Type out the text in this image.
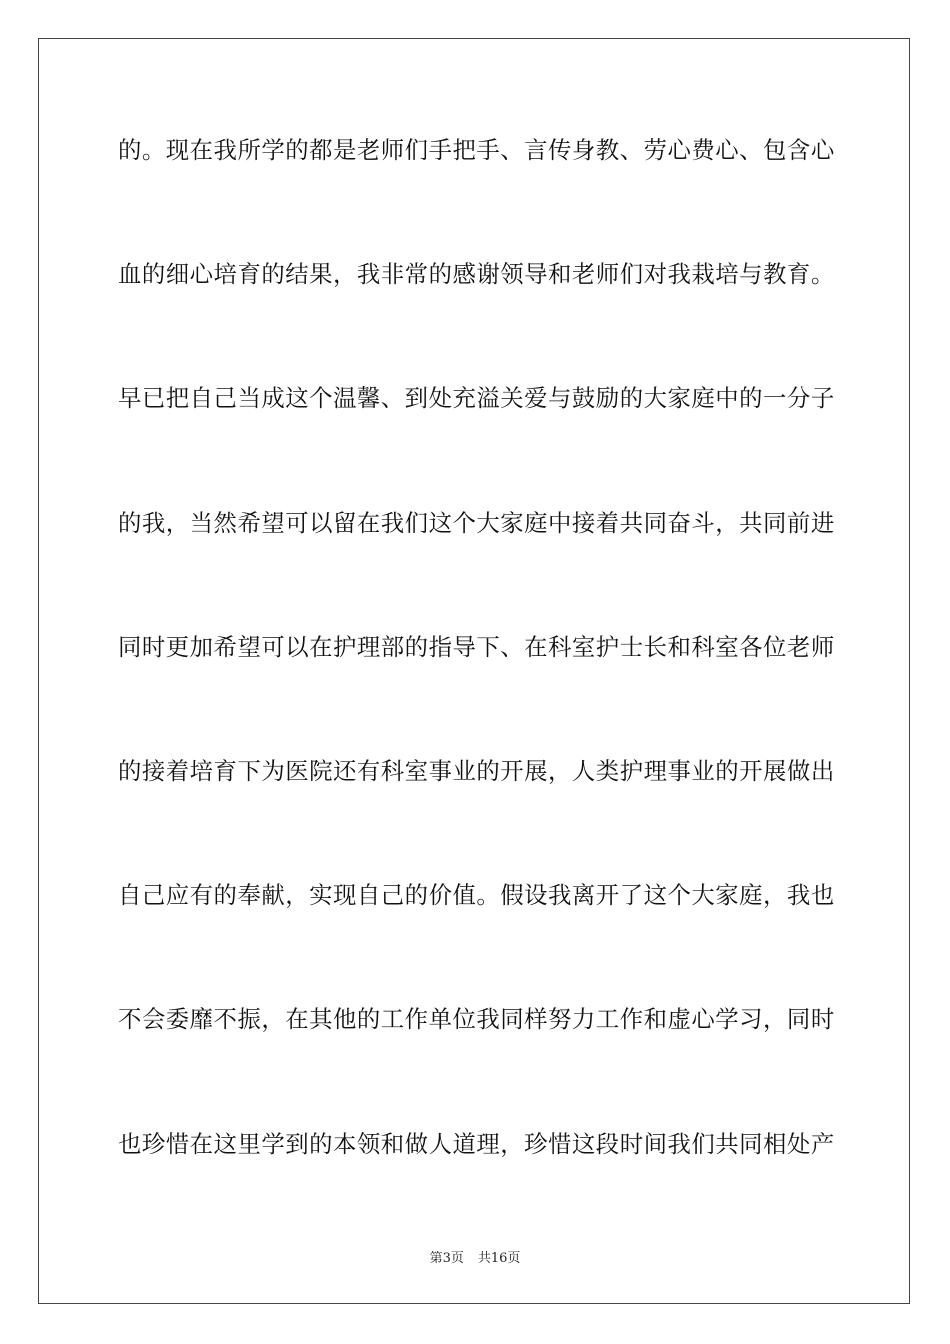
的。现在我所学的都是老师们手把手、言传身教、劳心费心、包含心
血的细心培育的结果，我非常的感谢领导和老师们对我栽培与教育。
早已把自己当成这个温馨、到处充溢关爱与鼓励的大家庭中的一分子
的我，当然希望可以留在我们这个大家庭中接着共同奋斗，共同前进
同时更加希望可以在护理部的指导下、在科室护士长和科室各位老师
的接着培育下为医院还有科室事业的开展，人类护理事业的开展做出
自己应有的奉献，实现自己的价值。假设我离开了这个大家庭，我也
不会委靡不振，在其他的工作单位我同样努力工作和虚心学习，同时
也珍惜在这里学到的本领和做人道理，珍惜这段时间我们共同相处产
第3页 共16页
